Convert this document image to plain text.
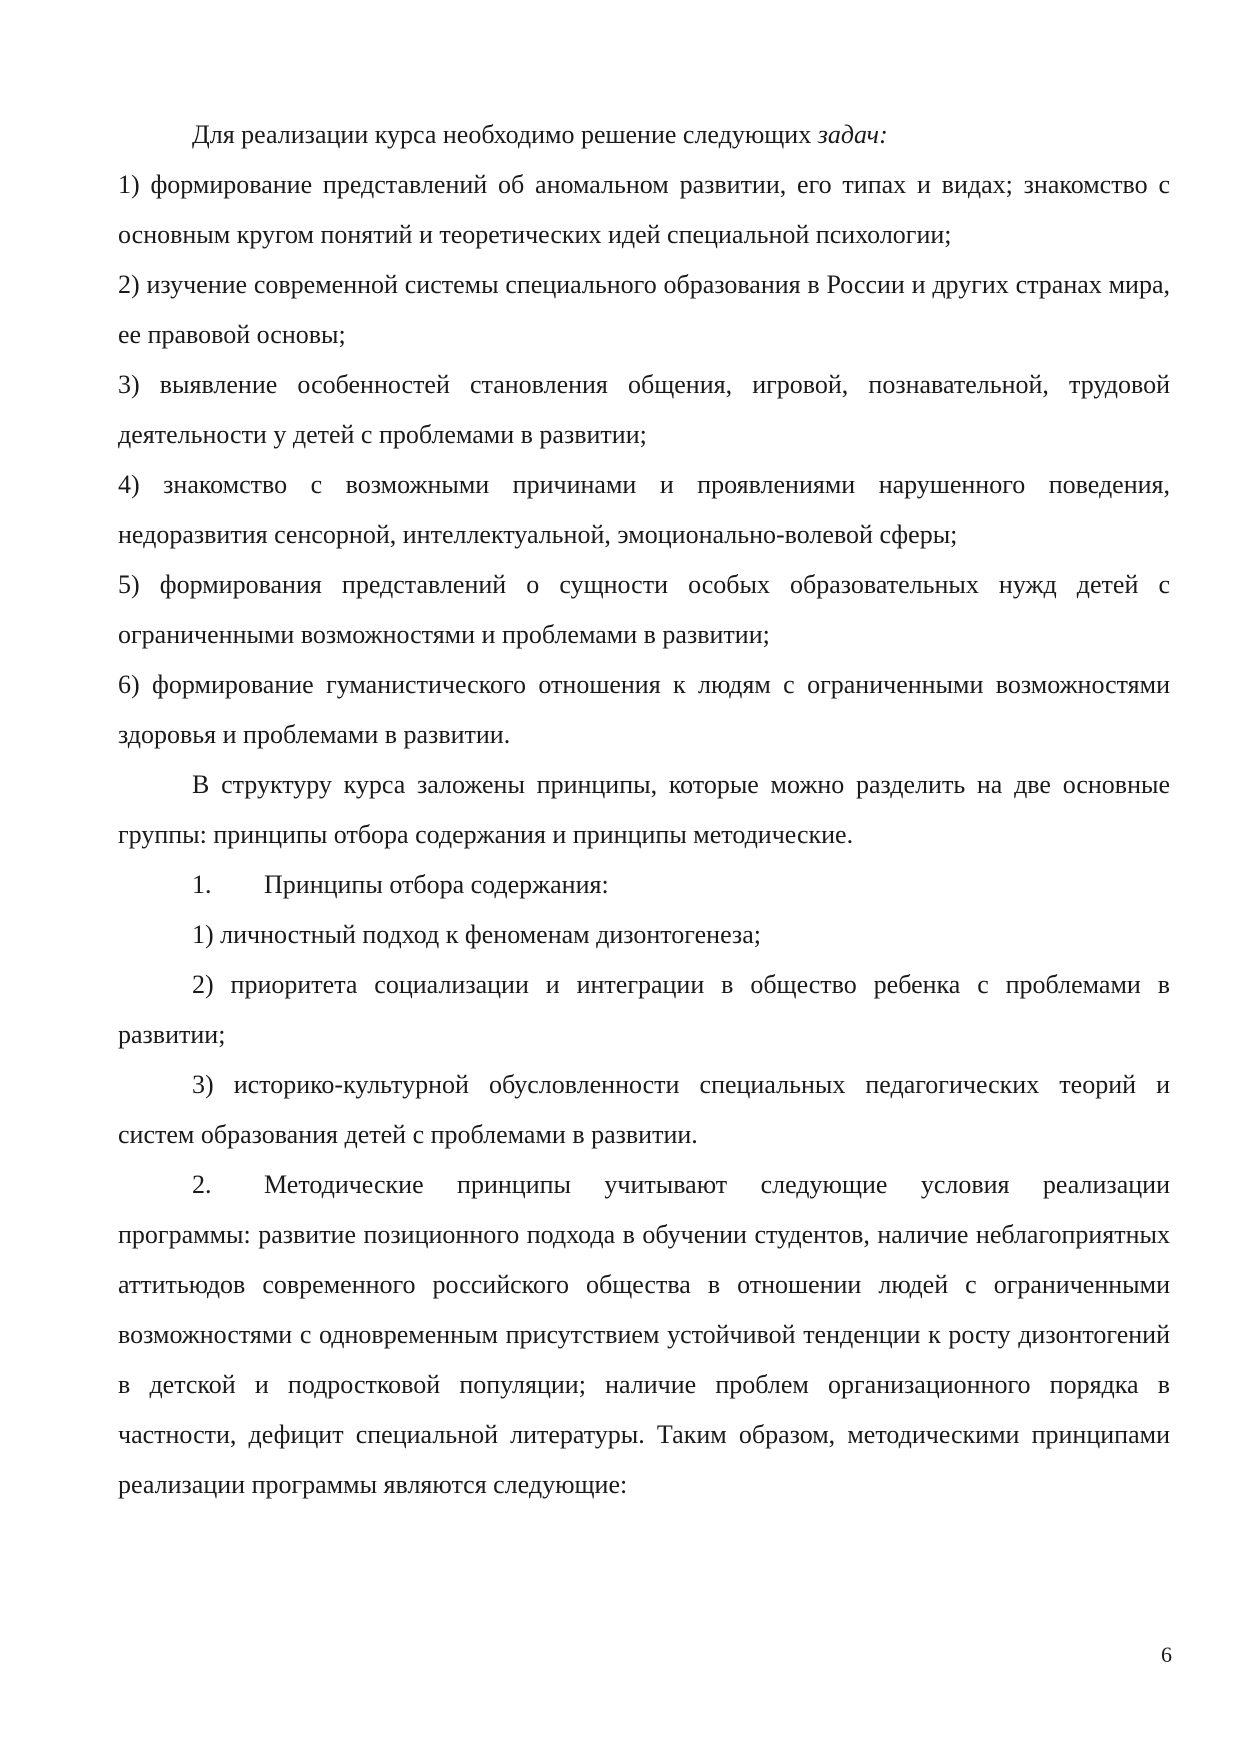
Для реализации курса необходимо решение следующих задач:

1) формирование представлений об аномальном развитии, его типах и видах; знакомство с основным кругом понятий и теоретических идей специальной психологии;

2) изучение современной системы специального образования в России и других странах мира, ее правовой основы;

3) выявление особенностей становления общения, игровой, познавательной, трудовой деятельности у детей с проблемами в развитии;

4) знакомство с возможными причинами и проявлениями нарушенного поведения, недоразвития сенсорной, интеллектуальной, эмоционально-волевой сферы;

5) формирования представлений о сущности особых образовательных нужд детей с ограниченными возможностями и проблемами в развитии;

6) формирование гуманистического отношения к людям с ограниченными возможностями здоровья и проблемами в развитии.

В структуру курса заложены принципы, которые можно разделить на две основные группы: принципы отбора содержания и принципы методические.

1. Принципы отбора содержания:

1) личностный подход к феноменам дизонтогенеза;

2) приоритета социализации и интеграции в общество ребенка с проблемами в развитии;

3) историко-культурной обусловленности специальных педагогических теорий и систем образования детей с проблемами в развитии.

2. Методические принципы учитывают следующие условия реализации программы: развитие позиционного подхода в обучении студентов, наличие неблагоприятных аттитьюдов современного российского общества в отношении людей с ограниченными возможностями с одновременным присутствием устойчивой тенденции к росту дизонтогений в детской и подростковой популяции; наличие проблем организационного порядка в частности, дефицит специальной литературы. Таким образом, методическими принципами реализации программы являются следующие:

6
